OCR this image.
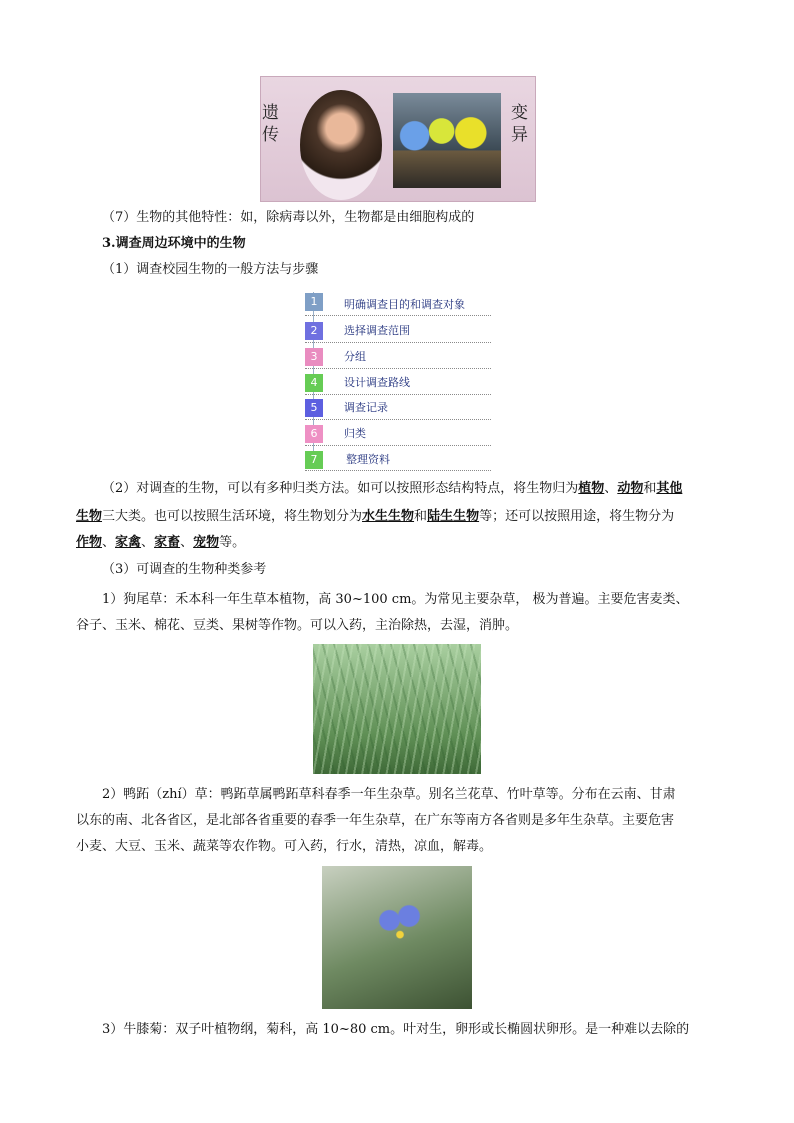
遗
传
变
异
（7）生物的其他特性：如，除病毒以外，生物都是由细胞构成的
3.调查周边环境中的生物
（1）调查校园生物的一般方法与步骤
1	明确调查目的和调查对象
2	选择调查范围
3	分组
4	设计调查路线
5	调查记录
6	归类
7	整理资料
（2）对调查的生物，可以有多种归类方法。如可以按照形态结构特点，将生物归为植物、动物和其他
生物三大类。也可以按照生活环境，将生物划分为水生生物和陆生生物等；还可以按照用途，将生物分为
作物、家禽、家畜、宠物等。
（3）可调查的生物种类参考
1）狗尾草：禾本科一年生草本植物，高 30~100 cm。为常见主要杂草， 极为普遍。主要危害麦类、
谷子、玉米、棉花、豆类、果树等作物。可以入药，主治除热，去湿，消肿。
2）鸭跖（zhí）草：鸭跖草属鸭跖草科春季一年生杂草。别名兰花草、竹叶草等。分布在云南、甘肃
以东的南、北各省区，是北部各省重要的春季一年生杂草，在广东等南方各省则是多年生杂草。主要危害
小麦、大豆、玉米、蔬菜等农作物。可入药，行水，清热，凉血，解毒。
3）牛膝菊：双子叶植物纲，菊科，高 10~80 cm。叶对生，卵形或长椭圆状卵形。是一种难以去除的
